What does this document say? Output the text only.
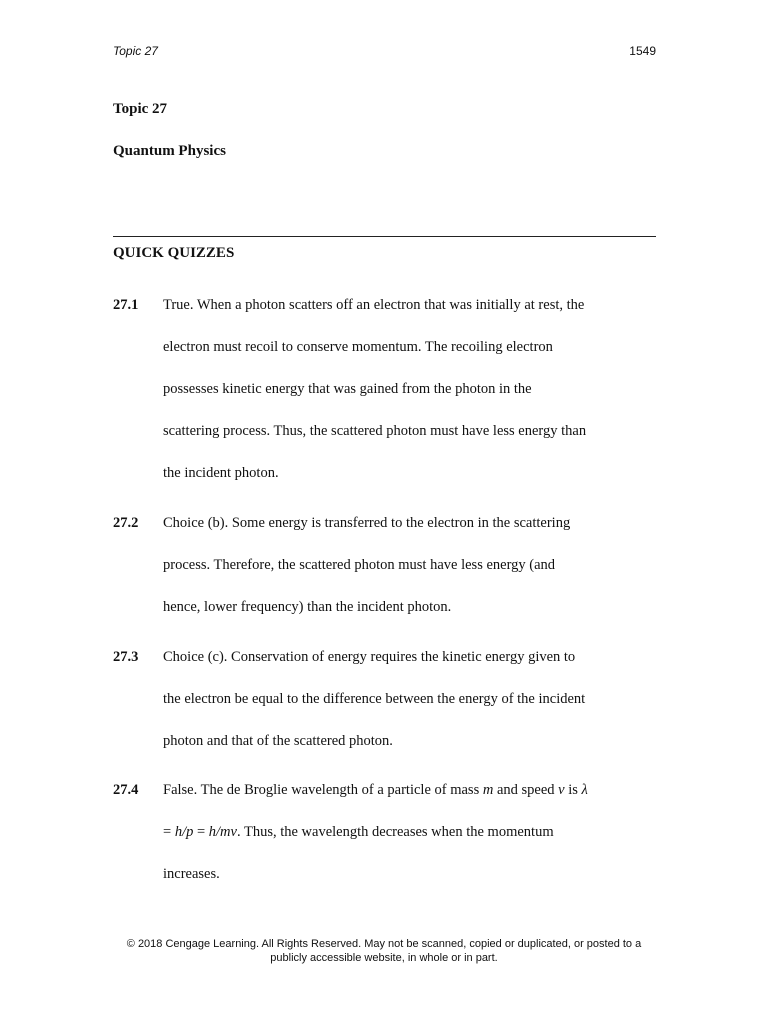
Topic 27	1549
Topic 27
Quantum Physics
QUICK QUIZZES
27.1 True. When a photon scatters off an electron that was initially at rest, the
electron must recoil to conserve momentum. The recoiling electron
possesses kinetic energy that was gained from the photon in the
scattering process. Thus, the scattered photon must have less energy than
the incident photon.
27.2 Choice (b). Some energy is transferred to the electron in the scattering
process. Therefore, the scattered photon must have less energy (and
hence, lower frequency) than the incident photon.
27.3 Choice (c). Conservation of energy requires the kinetic energy given to
the electron be equal to the difference between the energy of the incident
photon and that of the scattered photon.
27.4 False. The de Broglie wavelength of a particle of mass m and speed v is λ
= h/p = h/mv. Thus, the wavelength decreases when the momentum
increases.
© 2018 Cengage Learning. All Rights Reserved. May not be scanned, copied or duplicated, or posted to a
publicly accessible website, in whole or in part.
